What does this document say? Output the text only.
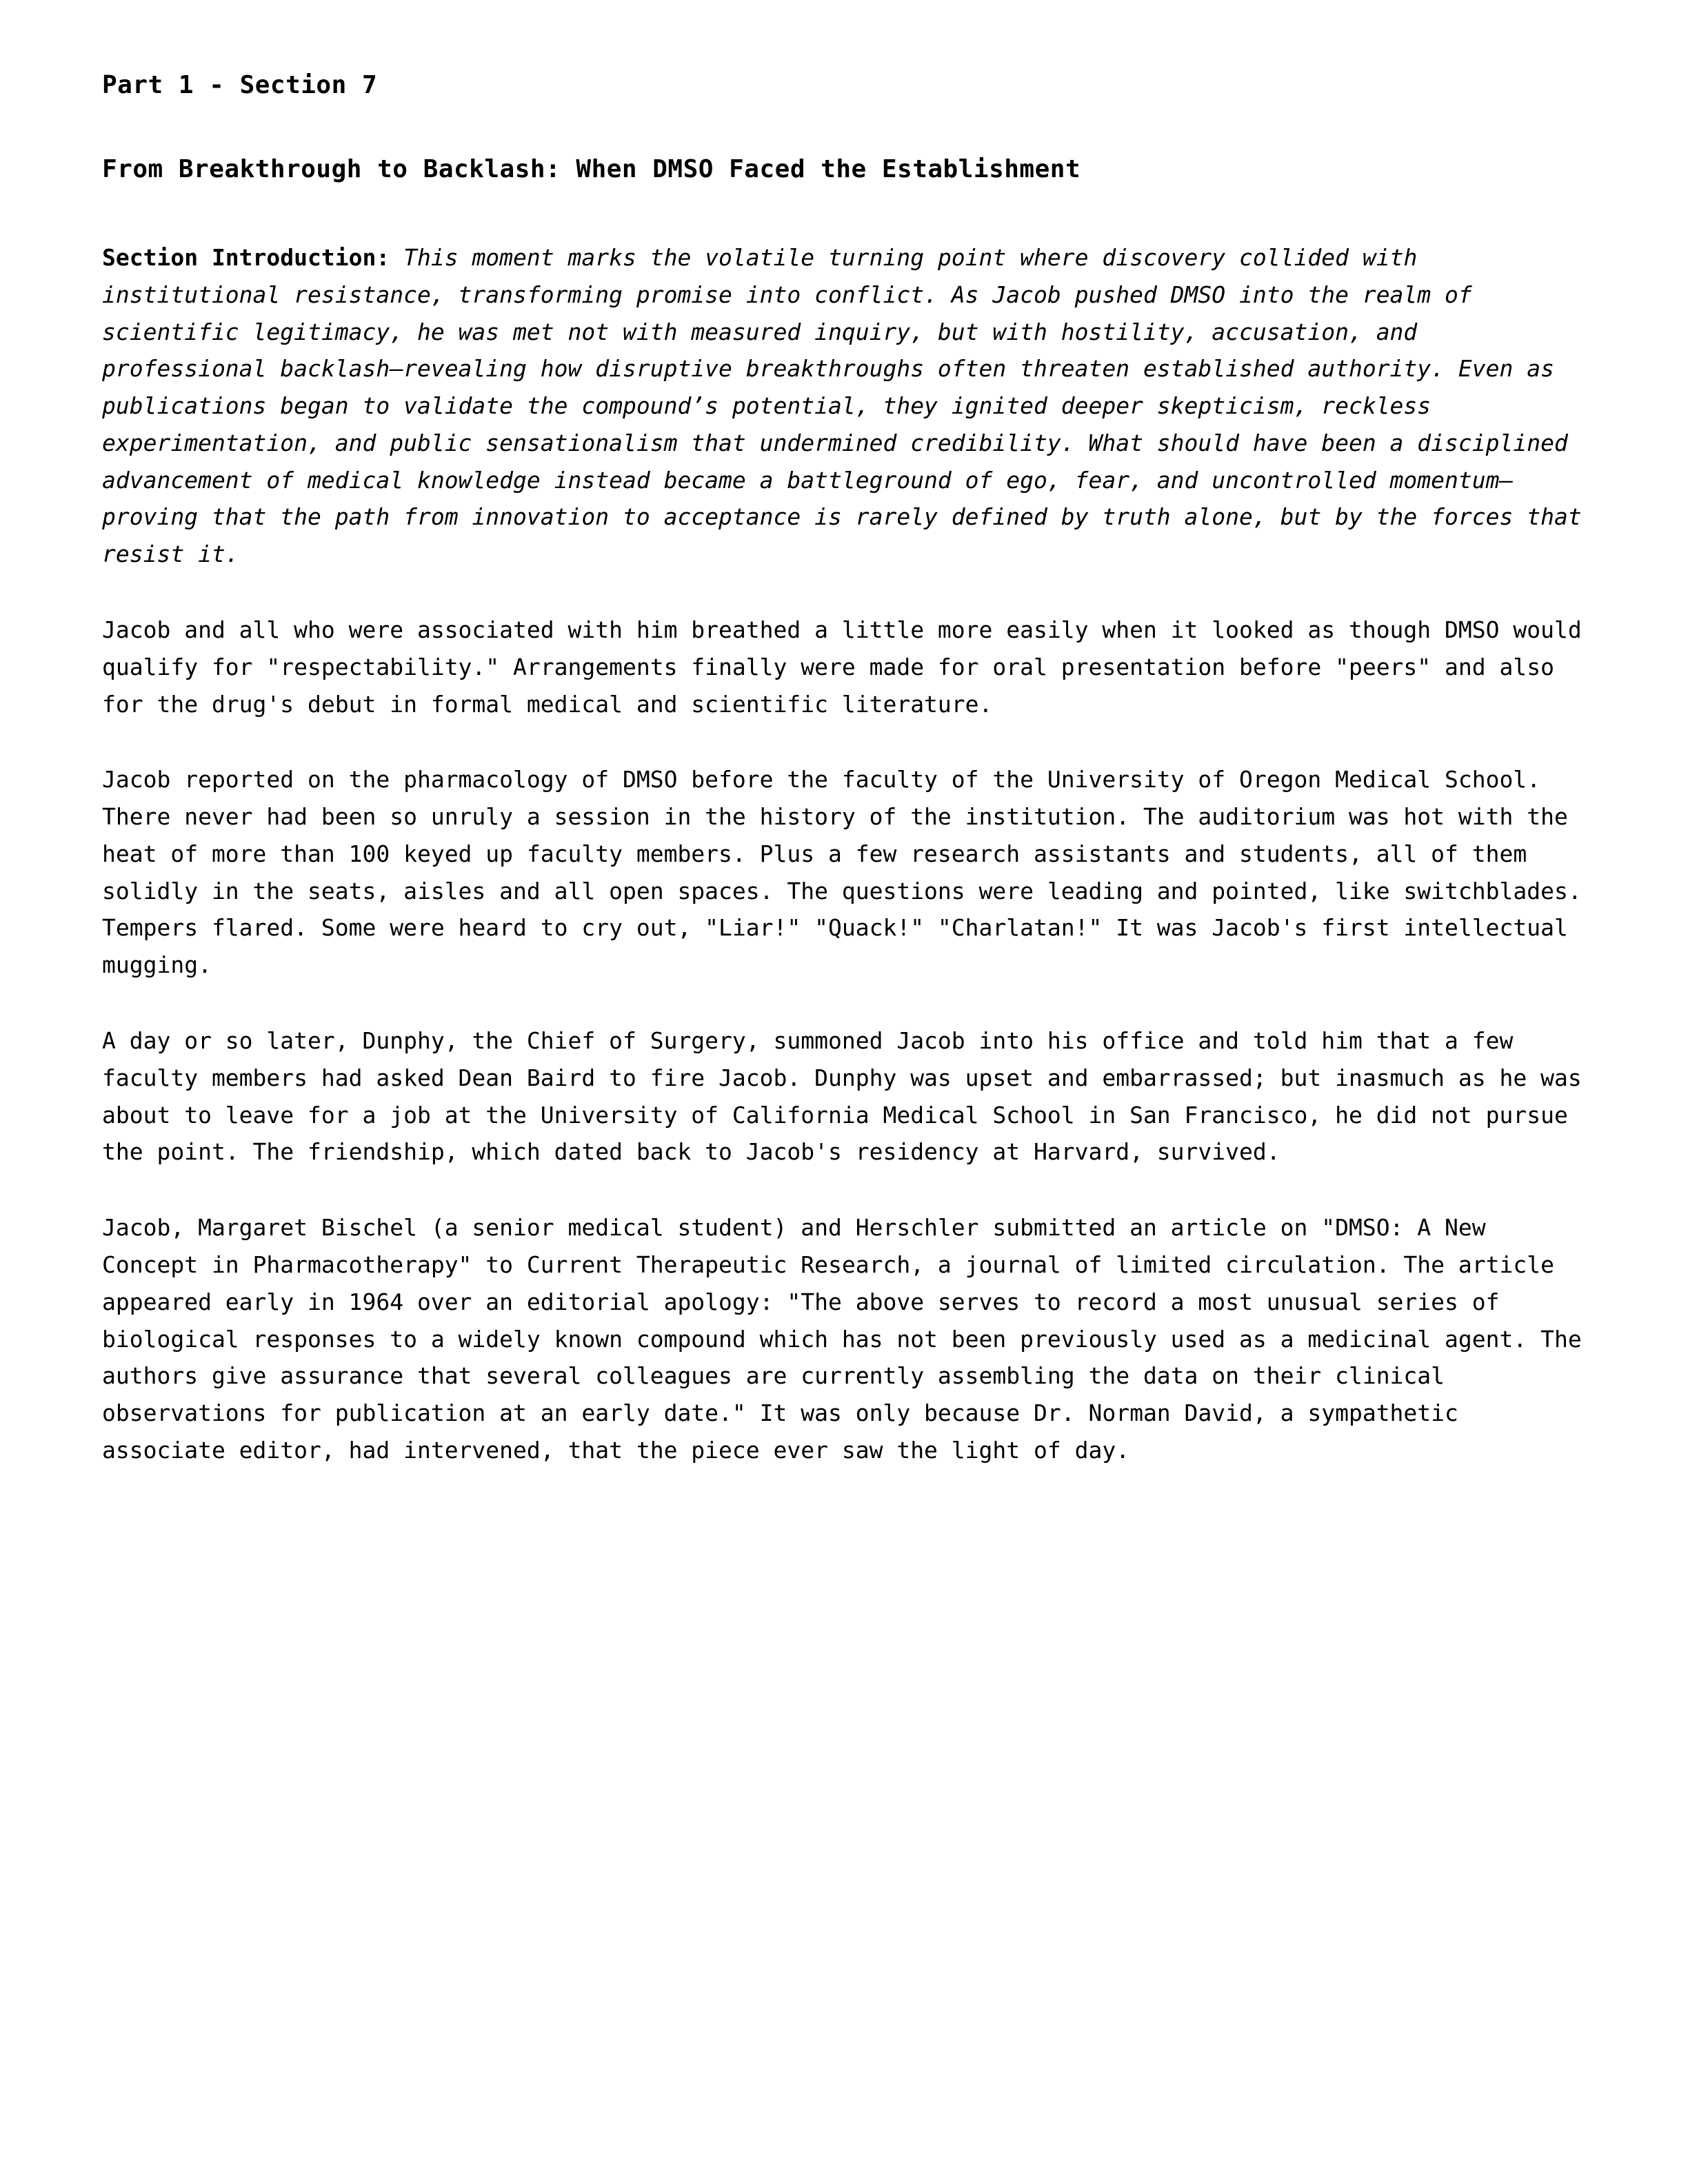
Part 1 - Section 7
From Breakthrough to Backlash: When DMSO Faced the Establishment

Section Introduction: This moment marks the volatile turning point where discovery collided with institutional resistance, transforming promise into conflict. As Jacob pushed DMSO into the realm of scientific legitimacy, he was met not with measured inquiry, but with hostility, accusation, and professional backlash—revealing how disruptive breakthroughs often threaten established authority. Even as publications began to validate the compound’s potential, they ignited deeper skepticism, reckless experimentation, and public sensationalism that undermined credibility. What should have been a disciplined advancement of medical knowledge instead became a battleground of ego, fear, and uncontrolled momentum—proving that the path from innovation to acceptance is rarely defined by truth alone, but by the forces that resist it.

Jacob and all who were associated with him breathed a little more easily when it looked as though DMSO would qualify for "respectability." Arrangements finally were made for oral presentation before "peers" and also for the drug's debut in formal medical and scientific literature.

Jacob reported on the pharmacology of DMSO before the faculty of the University of Oregon Medical School. There never had been so unruly a session in the history of the institution. The auditorium was hot with the heat of more than 100 keyed up faculty members. Plus a few research assistants and students, all of them solidly in the seats, aisles and all open spaces. The questions were leading and pointed, like switchblades. Tempers flared. Some were heard to cry out, "Liar!" "Quack!" "Charlatan!" It was Jacob's first intellectual mugging.

A day or so later, Dunphy, the Chief of Surgery, summoned Jacob into his office and told him that a few faculty members had asked Dean Baird to fire Jacob. Dunphy was upset and embarrassed; but inasmuch as he was about to leave for a job at the University of California Medical School in San Francisco, he did not pursue the point. The friendship, which dated back to Jacob's residency at Harvard, survived.

Jacob, Margaret Bischel (a senior medical student) and Herschler submitted an article on "DMSO: A New Concept in Pharmacotherapy" to Current Therapeutic Research, a journal of limited circulation. The article appeared early in 1964 over an editorial apology: "The above serves to record a most unusual series of biological responses to a widely known compound which has not been previously used as a medicinal agent. The authors give assurance that several colleagues are currently assembling the data on their clinical observations for publication at an early date." It was only because Dr. Norman David, a sympathetic associate editor, had intervened, that the piece ever saw the light of day.
